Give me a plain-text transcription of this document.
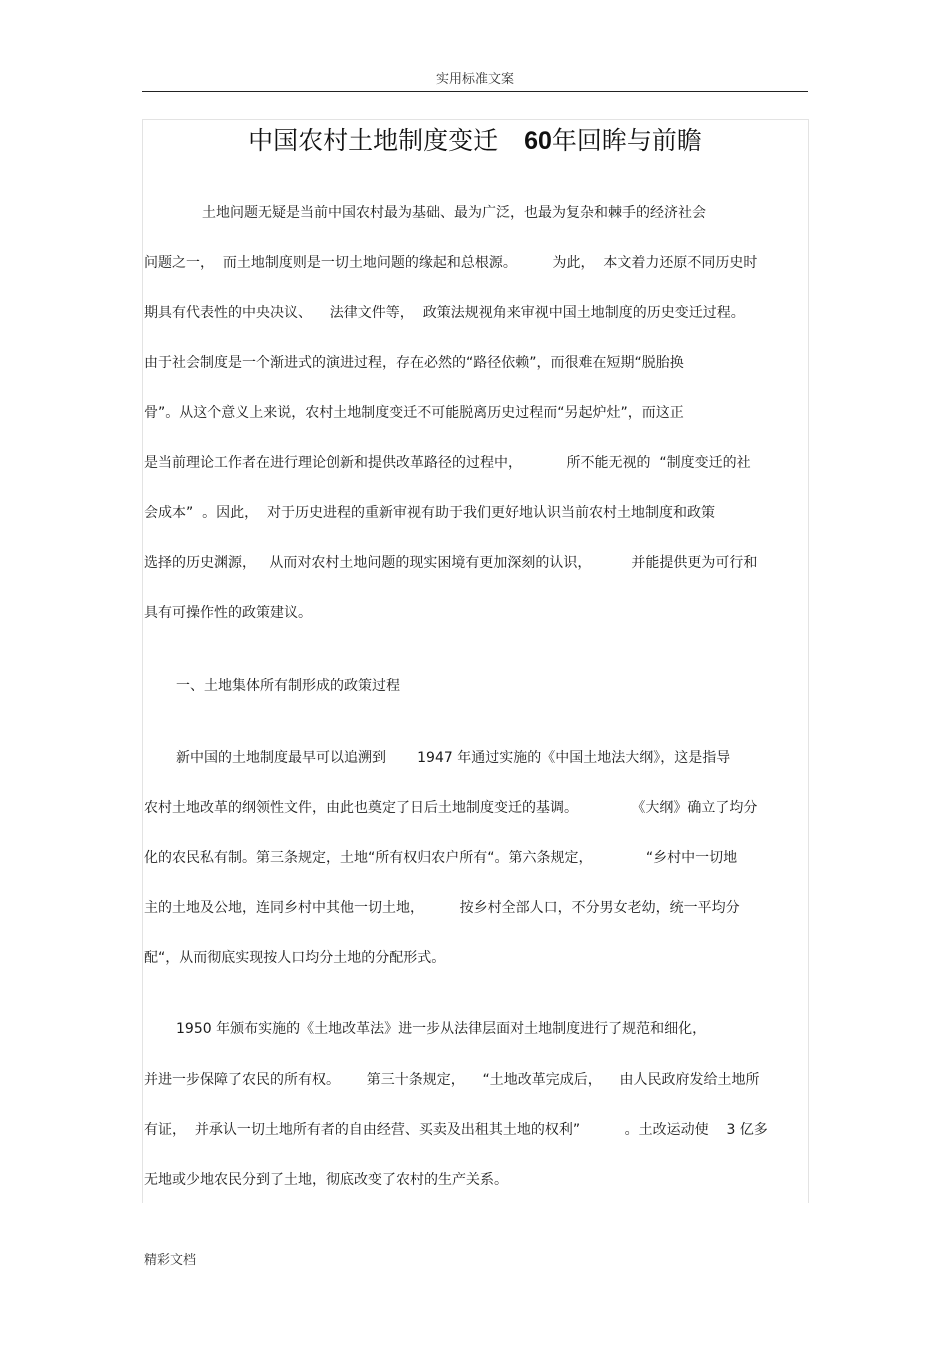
实用标准文案
中国农村土地制度变迁 60年回眸与前瞻
土地问题无疑是当前中国农村最为基础、最为广泛，也最为复杂和棘手的经济社会
问题之一，  而土地制度则是一切土地问题的缘起和总根源。        为此，  本文着力还原不同历史时
期具有代表性的中央决议、    法律文件等，  政策法规视角来审视中国土地制度的历史变迁过程。
由于社会制度是一个渐进式的演进过程，存在必然的“路径依赖”，而很难在短期“脱胎换
骨”。从这个意义上来说，农村土地制度变迁不可能脱离历史过程而“另起炉灶”，而这正
是当前理论工作者在进行理论创新和提供改革路径的过程中，          所不能无视的  “制度变迁的社
会成本”  。因此，  对于历史进程的重新审视有助于我们更好地认识当前农村土地制度和政策
选择的历史渊源，   从而对农村土地问题的现实困境有更加深刻的认识，         并能提供更为可行和
具有可操作性的政策建议。
一、土地集体所有制形成的政策过程
新中国的土地制度最早可以追溯到       1947 年通过实施的《中国土地法大纲》，这是指导
农村土地改革的纲领性文件，由此也奠定了日后土地制度变迁的基调。            《大纲》确立了均分
化的农民私有制。第三条规定，土地“所有权归农户所有“。第六条规定，            “乡村中一切地
主的土地及公地，连同乡村中其他一切土地，        按乡村全部人口，不分男女老幼，统一平均分
配“，从而彻底实现按人口均分土地的分配形式。
1950 年颁布实施的《土地改革法》进一步从法律层面对土地制度进行了规范和细化，
并进一步保障了农民的所有权。      第三十条规定，    “土地改革完成后，    由人民政府发给土地所
有证，  并承认一切土地所有者的自由经营、买卖及出租其土地的权利”          。土改运动使    3 亿多
无地或少地农民分到了土地，彻底改变了农村的生产关系。
精彩文档
